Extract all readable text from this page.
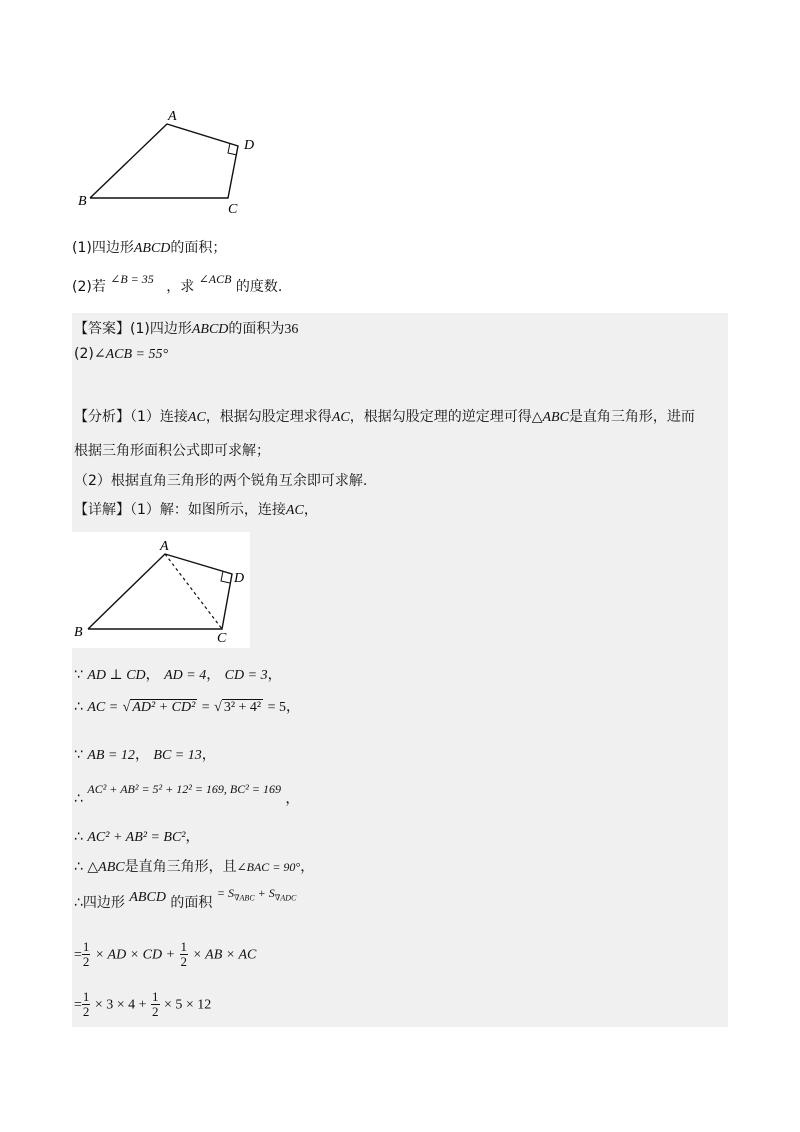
A
D
B
C
(1)四边形ABCD的面积；
(2)若 ∠B = 35 ，求 ∠ACB 的度数.
【答案】(1)四边形ABCD的面积为36
(2)∠ACB = 55°
【分析】（1）连接AC，根据勾股定理求得AC，根据勾股定理的逆定理可得△ABC是直角三角形，进而
根据三角形面积公式即可求解；
（2）根据直角三角形的两个锐角互余即可求解.
【详解】（1）解：如图所示，连接AC，
A
D
B	C
∵ AD ⊥ CD， AD = 4， CD = 3，
∴ AC = √ AD² + CD² = √ 3² + 4² = 5，
∵ AB = 12， BC = 13，
∴ AC² + AB² = 5² + 12² = 169, BC² = 169 ，
∴ AC² + AB² = BC²，
∴ △ABC是直角三角形，且∠BAC = 90°，
∴四边形 ABCD 的面积 = $S_{\nabla ABC} + S_{\nabla ADC}$
= $\frac{1}{2}$ × AD × CD + $\frac{1}{2}$ × AB × AC
= $\frac{1}{2} \times 3 \times 4 + \frac{1}{2} \times 5 \times 12$
